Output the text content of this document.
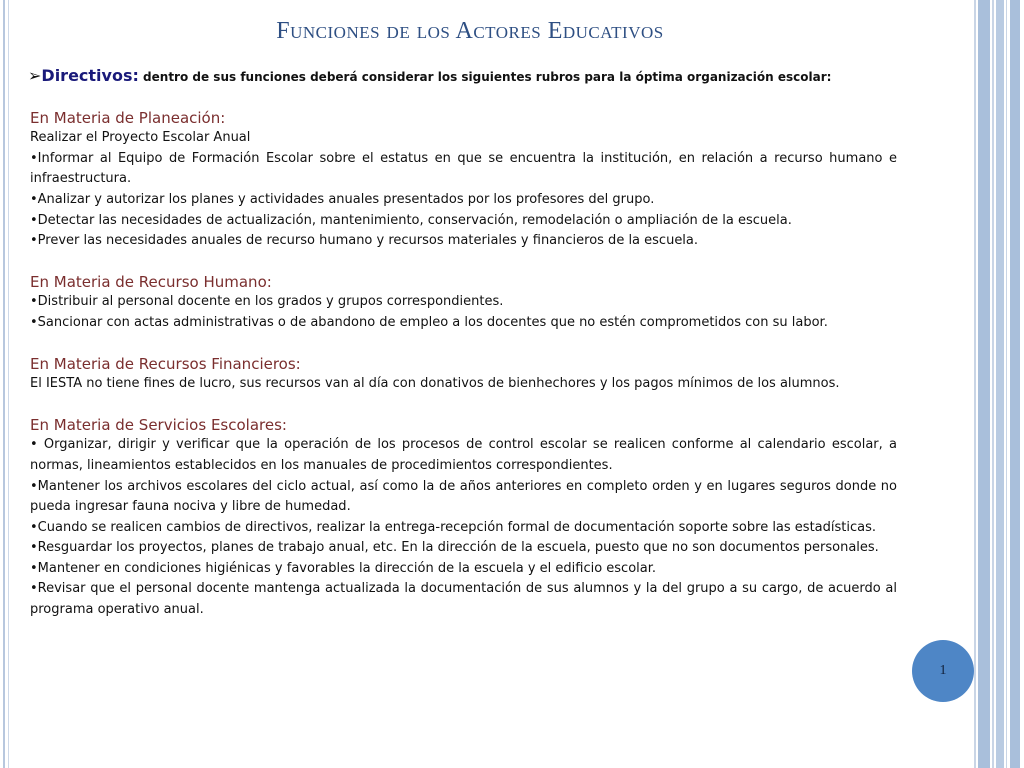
Funciones de los Actores Educativos

➢Directivos: dentro de sus funciones deberá considerar los siguientes rubros para la óptima organización escolar:

En Materia de Planeación:

Realizar el Proyecto Escolar Anual

•Informar al Equipo de Formación Escolar sobre el estatus en que se encuentra la institución, en relación a recurso humano e infraestructura.

•Analizar y autorizar los planes y actividades anuales presentados por los profesores del grupo.

•Detectar las necesidades de actualización, mantenimiento, conservación, remodelación o ampliación de la escuela.

•Prever las necesidades anuales de recurso humano y recursos materiales y financieros de la escuela.

En Materia de Recurso Humano:

•Distribuir al personal docente en los grados y grupos correspondientes.

•Sancionar con actas administrativas o de abandono de empleo a los docentes que no estén comprometidos con su labor.

En Materia de Recursos Financieros:

El IESTA no tiene fines de lucro, sus recursos van al día con donativos de bienhechores y los pagos mínimos de los alumnos.

En Materia de Servicios Escolares:

• Organizar, dirigir y verificar que la operación de los procesos de control escolar se realicen conforme al calendario escolar, a normas, lineamientos establecidos en los manuales de procedimientos correspondientes.

•Mantener los archivos escolares del ciclo actual, así como la de años anteriores en completo orden y en lugares seguros donde no pueda ingresar fauna nociva y libre de humedad.

•Cuando se realicen cambios de directivos, realizar la entrega-recepción formal de documentación soporte sobre las estadísticas.

•Resguardar los proyectos, planes de trabajo anual, etc. En la dirección de la escuela, puesto que no son documentos personales.

•Mantener en condiciones higiénicas y favorables la dirección de la escuela y el edificio escolar.

•Revisar que el personal docente mantenga actualizada la documentación de sus alumnos y la del grupo a su cargo, de acuerdo al programa operativo anual.

1
